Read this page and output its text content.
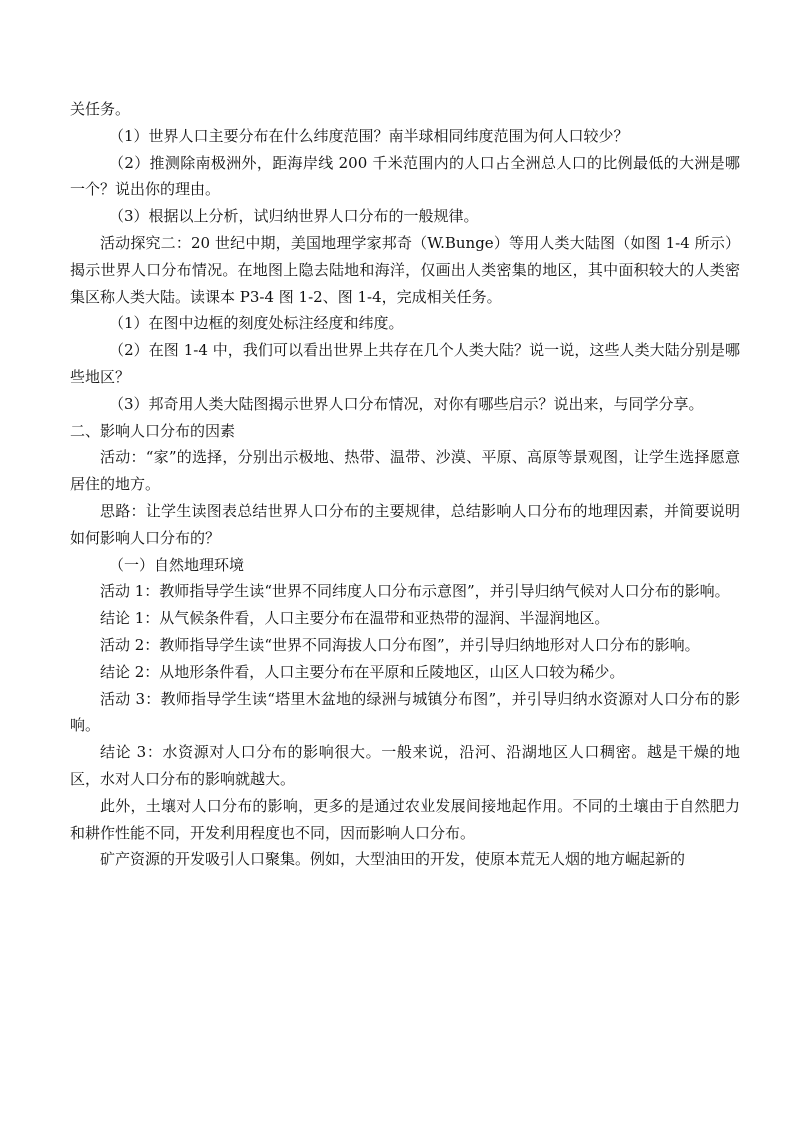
关任务。

（1）世界人口主要分布在什么纬度范围？南半球相同纬度范围为何人口较少？

（2）推测除南极洲外，距海岸线 200 千米范围内的人口占全洲总人口的比例最低的大洲是哪一个？说出你的理由。

（3）根据以上分析，试归纳世界人口分布的一般规律。

活动探究二：20 世纪中期，美国地理学家邦奇（W.Bunge）等用人类大陆图（如图 1-4 所示）揭示世界人口分布情况。在地图上隐去陆地和海洋，仅画出人类密集的地区，其中面积较大的人类密集区称人类大陆。读课本 P3-4 图 1-2、图 1-4，完成相关任务。

（1）在图中边框的刻度处标注经度和纬度。

（2）在图 1-4 中，我们可以看出世界上共存在几个人类大陆？说一说，这些人类大陆分别是哪些地区？

（3）邦奇用人类大陆图揭示世界人口分布情况，对你有哪些启示？说出来，与同学分享。

二、影响人口分布的因素

活动：“家”的选择，分别出示极地、热带、温带、沙漠、平原、高原等景观图，让学生选择愿意居住的地方。

思路：让学生读图表总结世界人口分布的主要规律，总结影响人口分布的地理因素，并简要说明如何影响人口分布的？

（一）自然地理环境

活动 1：教师指导学生读“世界不同纬度人口分布示意图”，并引导归纳气候对人口分布的影响。

结论 1：从气候条件看，人口主要分布在温带和亚热带的湿润、半湿润地区。

活动 2：教师指导学生读“世界不同海拔人口分布图”，并引导归纳地形对人口分布的影响。

结论 2：从地形条件看，人口主要分布在平原和丘陵地区，山区人口较为稀少。

活动 3：教师指导学生读“塔里木盆地的绿洲与城镇分布图”，并引导归纳水资源对人口分布的影响。

结论 3：水资源对人口分布的影响很大。一般来说，沿河、沿湖地区人口稠密。越是干燥的地区，水对人口分布的影响就越大。

此外，土壤对人口分布的影响，更多的是通过农业发展间接地起作用。不同的土壤由于自然肥力和耕作性能不同，开发利用程度也不同，因而影响人口分布。

矿产资源的开发吸引人口聚集。例如，大型油田的开发，使原本荒无人烟的地方崛起新的
